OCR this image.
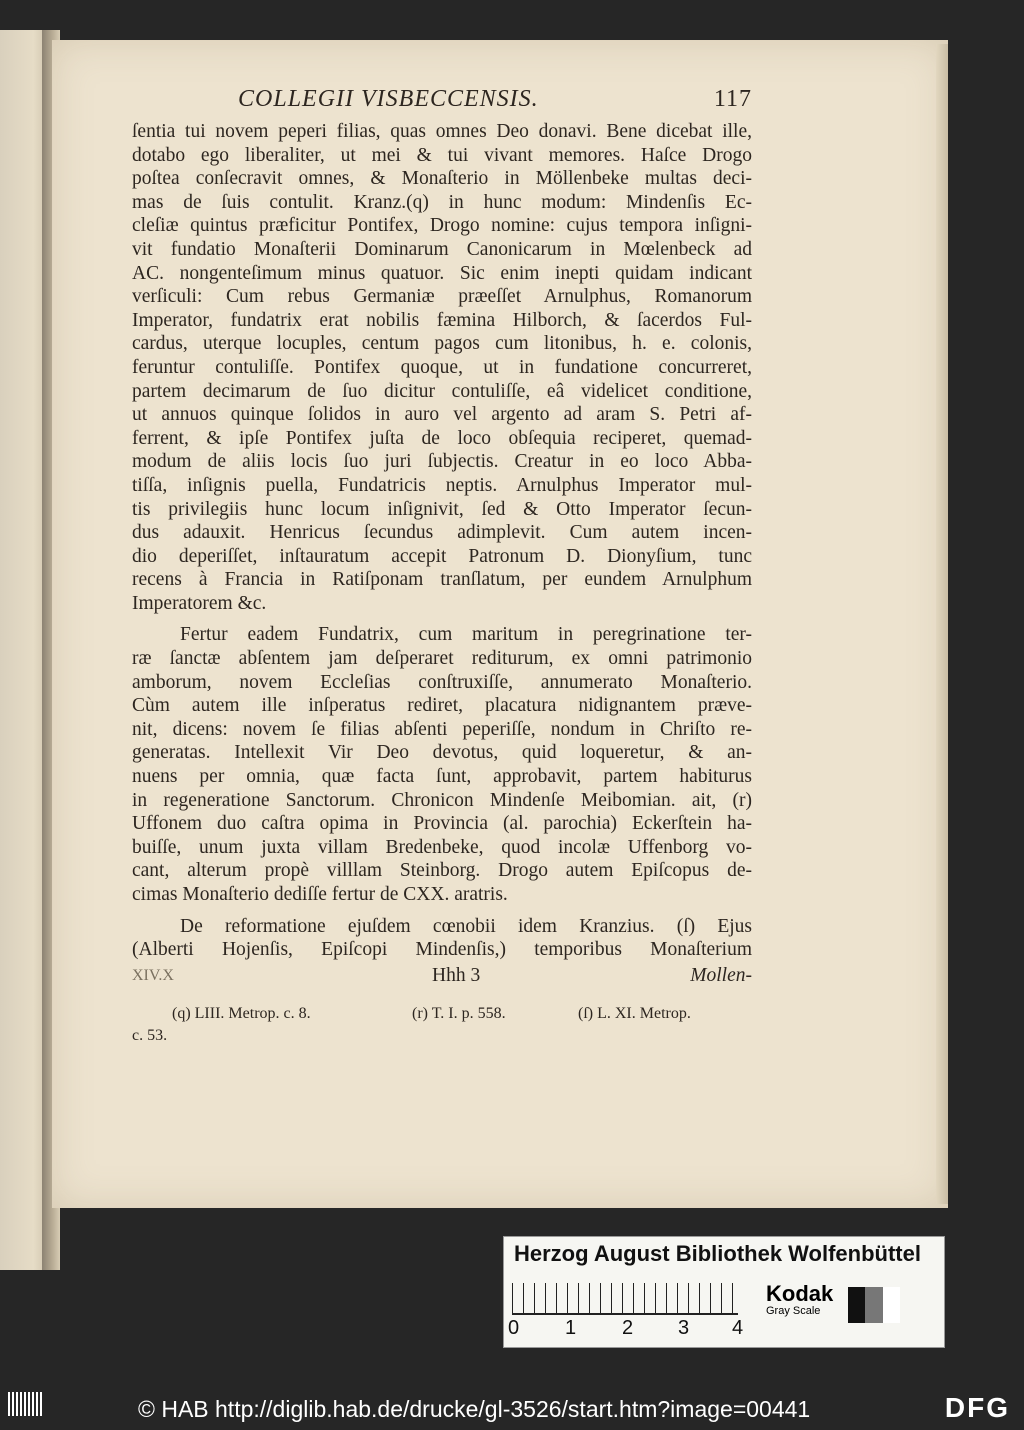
COLLEGII VISBECCENSIS.	117
ſentia tui novem peperi filias, quas omnes Deo donavi. Bene dicebat ille,
dotabo ego liberaliter, ut mei & tui vivant memores. Haſce Drogo
poſtea conſecravit omnes, & Monaſterio in Möllenbeke multas deci-
mas de ſuis contulit. Kranz.(q) in hunc modum: Mindenſis Ec-
cleſiæ quintus præficitur Pontifex, Drogo nomine: cujus tempora inſigni-
vit fundatio Monaſterii Dominarum Canonicarum in Mœlenbeck ad
AC. nongenteſimum minus quatuor. Sic enim inepti quidam indicant
verſiculi: Cum rebus Germaniæ præeſſet Arnulphus, Romanorum
Imperator, fundatrix erat nobilis fæmina Hilborch, & ſacerdos Ful-
cardus, uterque locuples, centum pagos cum litonibus, h. e. colonis,
feruntur contuliſſe. Pontifex quoque, ut in fundatione concurreret,
partem decimarum de ſuo dicitur contuliſſe, eâ videlicet conditione,
ut annuos quinque ſolidos in auro vel argento ad aram S. Petri af-
ferrent, & ipſe Pontifex juſta de loco obſequia reciperet, quemad-
modum de aliis locis ſuo juri ſubjectis. Creatur in eo loco Abba-
tiſſa, inſignis puella, Fundatricis neptis. Arnulphus Imperator mul-
tis privilegiis hunc locum inſignivit, ſed & Otto Imperator ſecun-
dus adauxit. Henricus ſecundus adimplevit. Cum autem incen-
dio deperiſſet, inſtauratum accepit Patronum D. Dionyſium, tunc
recens à Francia in Ratiſponam tranſlatum, per eundem Arnulphum
Imperatorem &c.
Fertur eadem Fundatrix, cum maritum in peregrinatione ter-
ræ ſanctæ abſentem jam deſperaret rediturum, ex omni patrimonio
amborum, novem Eccleſias conſtruxiſſe, annumerato Monaſterio.
Cùm autem ille inſperatus rediret, placatura nidignantem præve-
nit, dicens: novem ſe filias abſenti peperiſſe, nondum in Chriſto re-
generatas. Intellexit Vir Deo devotus, quid loqueretur, & an-
nuens per omnia, quæ facta ſunt, approbavit, partem habiturus
in regeneratione Sanctorum. Chronicon Mindenſe Meibomian. ait, (r)
Uffonem duo caſtra opima in Provincia (al. parochia) Eckerſtein ha-
buiſſe, unum juxta villam Bredenbeke, quod incolæ Uffenborg vo-
cant, alterum propè villlam Steinborg. Drogo autem Epiſcopus de-
cimas Monaſterio dediſſe fertur de CXX. aratris.
De reformatione ejuſdem cœnobii idem Kranzius. (ſ) Ejus
(Alberti Hojenſis, Epiſcopi Mindenſis,) temporibus Monaſterium
XIV.X	Hhh 3	Mollen-
(q) LIII. Metrop. c. 8.	(r) T. I. p. 558.	(ſ) L. XI. Metrop.
c. 53.
Herzog August Bibliothek Wolfenbüttel
0 1 2 3 4
Kodak
Gray Scale
© HAB http://diglib.hab.de/drucke/gl-3526/start.htm?image=00441	DFG
